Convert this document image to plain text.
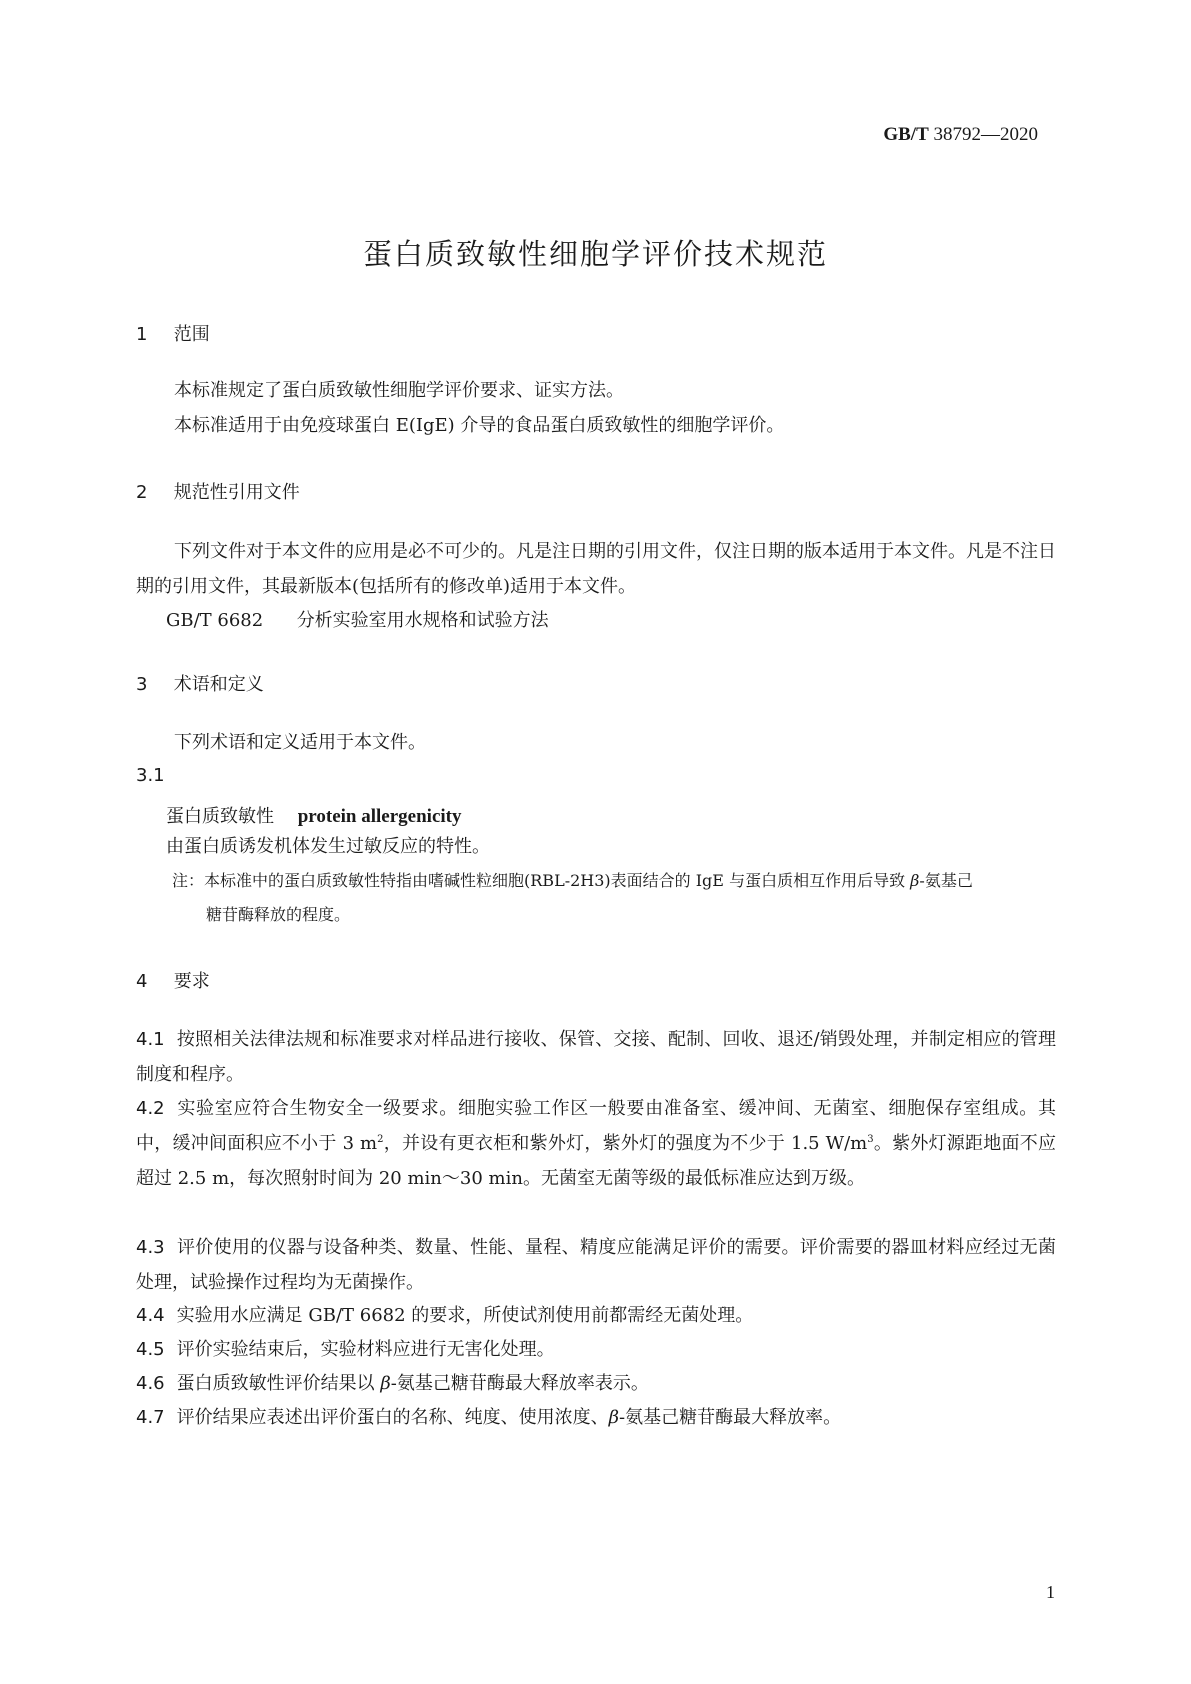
GB/T 38792—2020
蛋白质致敏性细胞学评价技术规范
1 范围
本标准规定了蛋白质致敏性细胞学评价要求、证实方法。
本标准适用于由免疫球蛋白 E(IgE) 介导的食品蛋白质致敏性的细胞学评价。
2 规范性引用文件
下列文件对于本文件的应用是必不可少的。凡是注日期的引用文件，仅注日期的版本适用于本文件。凡是不注日期的引用文件，其最新版本(包括所有的修改单)适用于本文件。
GB/T 6682 分析实验室用水规格和试验方法
3 术语和定义
下列术语和定义适用于本文件。
3.1
蛋白质致敏性 protein allergenicity
由蛋白质诱发机体发生过敏反应的特性。
注：本标准中的蛋白质致敏性特指由嗜碱性粒细胞(RBL-2H3)表面结合的 IgE 与蛋白质相互作用后导致 β-氨基己
糖苷酶释放的程度。
4 要求
4.1 按照相关法律法规和标准要求对样品进行接收、保管、交接、配制、回收、退还/销毁处理，并制定相应的管理制度和程序。
4.2 实验室应符合生物安全一级要求。细胞实验工作区一般要由准备室、缓冲间、无菌室、细胞保存室组成。其中，缓冲间面积应不小于 3 $m^2$，并设有更衣柜和紫外灯，紫外灯的强度为不少于 1.5 $W/m^3$。紫外灯源距地面不应超过 2.5 m，每次照射时间为 20 min～30 min。无菌室无菌等级的最低标准应达到万级。
4.3 评价使用的仪器与设备种类、数量、性能、量程、精度应能满足评价的需要。评价需要的器皿材料应经过无菌处理，试验操作过程均为无菌操作。
4.4 实验用水应满足 GB/T 6682 的要求，所使试剂使用前都需经无菌处理。
4.5 评价实验结束后，实验材料应进行无害化处理。
4.6 蛋白质致敏性评价结果以 β-氨基己糖苷酶最大释放率表示。
4.7 评价结果应表述出评价蛋白的名称、纯度、使用浓度、β-氨基己糖苷酶最大释放率。
1
